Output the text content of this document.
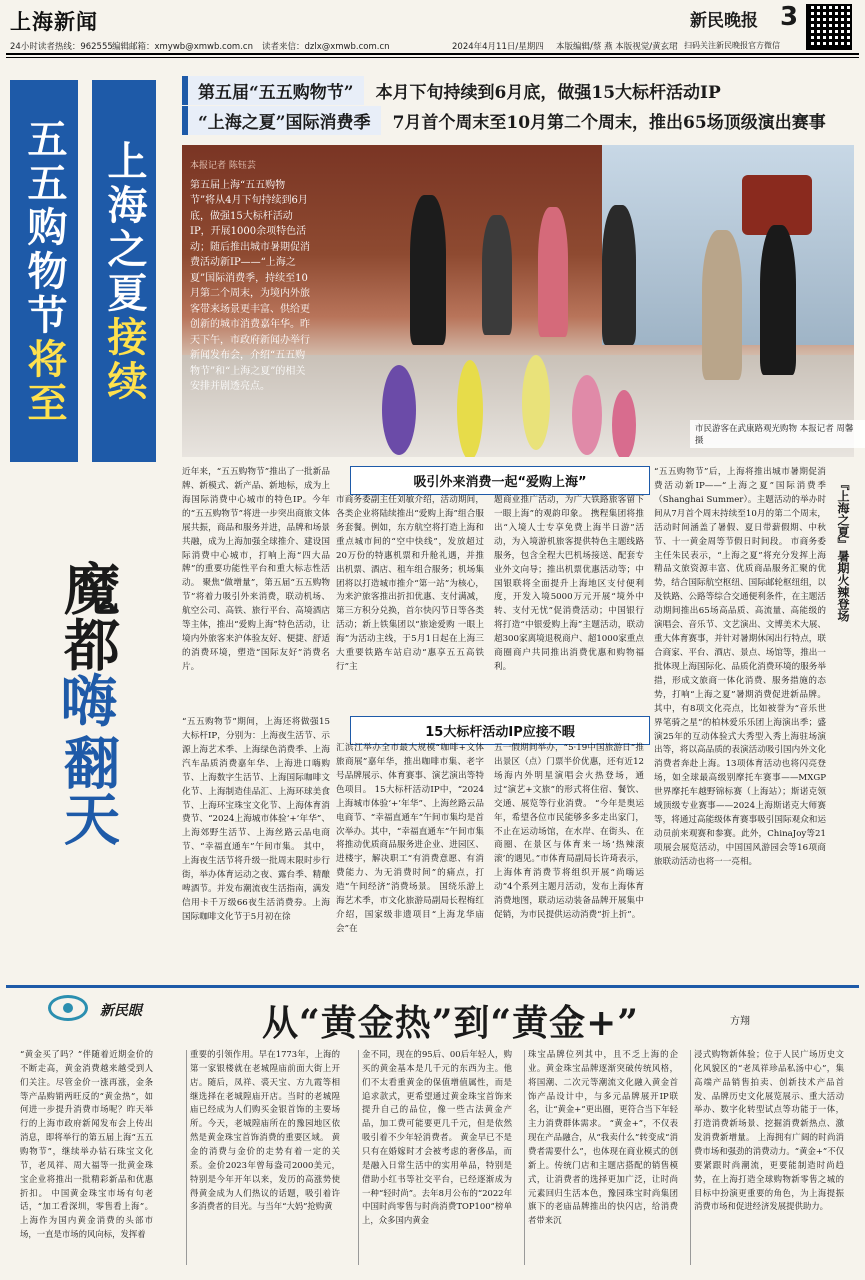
上海新闻
24小时读者热线：962555 编辑邮箱：xmywb@xmwb.com.cn 读者来信：dzlx@xmwb.com.cn	2024年4月11日/星期四 本版编辑/蔡 燕 本版视觉/黄玄珺 扫码关注新民晚报官方微信
新民晚报 3
五五购物节将至
上海之夏接续
第五届“五五购物节” 本月下旬持续到6月底，做强15大标杆活动IP
“上海之夏”国际消费季 7月首个周末至10月第二个周末，推出65场顶级演出赛事
本报记者 陈钰芸
第五届上海“五五购物节”将从4月下旬持续到6月底，做强15大标杆活动IP，开展1000余项特色活动；随后推出城市暑期促消费活动新IP——“上海之夏”国际消费季，持续至10月第二个周末，为境内外旅客带来场景更丰富、供给更创新的城市消费嘉年华。昨天下午，市政府新闻办举行新闻发布会，介绍“五五购物节”和“上海之夏”的相关安排并剧透亮点。
市民游客在武康路观光购物 本报记者 周馨 摄
魔都
嗨
翻天
近年来，“五五购物节”推出了一批新品牌、新模式、新产品、新地标，成为上海国际消费中心城市的特色IP。今年的“五五购物节”将进一步突出商旅文体展共振，商品和服务并进，品牌和场景共融，成为上海加强全球推介、建设国际消费中心城市，打响上海“四大品牌”的重要功能性平台和重大标志性活动。 聚焦“做增量”，第五届“五五购物节”将着力吸引外来消费，联动机场、航空公司、高铁、旅行平台、高境酒店等主体，推出“爱购上海”特色活动，让境内外旅客来沪体验友好、便捷、舒适的消费环境，塑造“国际友好”消费名片。
吸引外来消费一起“爱购上海”
市商务委副主任刘敏介绍，活动期间，各类企业将陆续推出“爱购上海”组合服务套餐。例如，东方航空将打造上海和重点城市间的“空中快线”，发放超过20万份的特惠机票和升舱礼遇，并推出机票、酒店、租车组合服务；机场集团将以打造城市推介“第一站”为核心，为来沪旅客推出折扣优惠、支付满减，第三方积分兑换，首尔快闪节日等各类活动；新上铁集团以“旅途爱购 一眼上海”为活动主线，于5月1日起在上海三大重要铁路车站启动“惠享五五高铁行”主
题商业推广活动，为广大铁路旅客留下一眼上海”的观韵印象。 携程集团将推出“入境人士专享免费上海半日游”活动，为入境游机旅客提供特色主题线路服务，包含全程大巴机场接送、配套专业外文向导；推出机票优惠活动等；中国银联将全面提升上海地区支付便利度，开发入境5000万元开展“境外中转、支付无忧”促消费活动；中国银行将打造“中银爱购上海”主题活动，联动超300家离境退税商户、超1000家重点商圈商户共同推出消费优惠和购物福利。
“五五购物节”后，上海将推出城市暑期促消费活动新IP——“上海之夏”国际消费季（Shanghai Summer）。主题活动的举办时间从7月首个周末持续至10月的第二个周末，活动时间涵盖了暑假、夏日带薪假期、中秋节、十一黄金周等节假日时间段。 市商务委主任朱民表示，“上海之夏”将充分发挥上海精品文旅资源丰富、优质商品服务汇聚的优势，结合国际航空枢纽、国际邮轮枢纽组，以及铁路、公路等综合交通便利条件，在主题活动期间推出65场高品质、高流量、高能级的演唱会、音乐节、文艺演出、文博美术大展、重大体育赛事，并针对暑期休闲出行特点，联合商家、平台、酒店、景点、场馆等，推出一批体现上海国际化、品质化消费环境的服务举措，形成文旅商一体化消费、服务措施的态势，打响“上海之夏”暑期消费促进新品牌。其中，有8项文化亮点，比如被誉为“音乐世界笔骑之星”的柏林爱乐乐团上海演出季；盛演25年的互动体验式大秀型入秀上海驻场演出等，将以高品质的表演活动吸引国内外文化消费者奔赴上海。13项体育活动也将闪亮登场，如全球最高级别摩托车赛事——MXGP世界摩托车越野锦标赛（上海站）；斯诺克领域顶级专业赛事——2024上海斯诺克大师赛等，将通过高能级体育赛事吸引国际观众和运动员前来观赛和参赛。此外，ChinaJoy等21项展会展览活动，中国国风游园会等16项商旅联动活动也将一一亮相。
『上海之夏』暑期火辣登场
“五五购物节”期间，上海还将做强15大标杆IP，分别为：上海夜生活节、示源上海艺术季、上海绿色消费季、上海汽车品质消费嘉年华、上海进口嗨购节、上海数字生活节、上海国际咖啡文化节、上海制造佳品汇、上海环球美食节、上海环宝珠宝文化节、上海体育消费节、“2024上海城市体验‘+’年华”、上海郊野生活节、上海丝路云品电商节、“幸福直通车”午间市集。 其中，上海夜生活节将升级一批周末限时步行街，举办体育运动之夜、露台季、精酿啤酒节。并发布潮流夜生活指南，满发信用卡千万级66夜生活消费券。上海国际咖啡文化节于5月初在徐
15大标杆活动IP应接不暇
汇滨江举办全市最大规模“咖啡+文体旅商展”嘉年华，推出咖啡市集、老字号品牌展示、体育赛事、演艺演出等特色项目。 15大标杆活动IP中，“2024上海城市体验‘+’年华”、上海丝路云品电商节、“幸福直通车”午间市集均是首次举办。其中，“幸福直通车”午间市集将推动优质商品服务进企业、进园区、进楼宇，解决职工“有消费意愿、有消费能力、为无消费时间”的痛点，打造“午间经济”消费场景。 国绕乐游上海艺术季，市文化旅游局副局长程梅红介绍，国家级非遗项目“上海龙华庙会”在
五一假期间举办，“5·19中国旅游日”推出景区（点）门票半价优惠，还有近12场海内外明星演唱会火热登场，通过“演艺+文旅”的形式将住宿、餐饮、交通、展览等行业消费。 “今年是奥运年，希望各位市民能够多多走出家门，不止在运动场馆，在水岸、在街头、在商圈、在景区与体育来一场‘热辣滚滚’的遇见。”市体育局副局长许琦表示，上海体育消费节将组织开展“尚嗨运动”4个系列主题月活动，发布上海体育消费地图，联动运动装备品牌开展集中促销，为市民提供运动消费“折上折”。
新民眼	从“黄金热”到“黄金+”	方翔
“黄金买了吗？”伴随着近期金价的不断走高，黄金消费越来越受到人们关注。尽管金价一涨再涨，金条等产品购销两旺反的“黄金热”，如何进一步提升消费市场呢？昨天举行的上海市政府新闻发布会上传出消息，即将举行的第五届上海“五五购物节”，继续举办钻石珠宝文化节，老凤祥、周大福等一批黄金珠宝企业将推出一批精彩新品和优惠折扣。 中国黄金珠宝市场有句老话，“加工看深圳，零售看上海”。上海作为国内黄金消费的头部市场，一直是市场的风向标，发挥着
重要的引领作用。早在1773年，上海的第一家银楼就在老城隍庙前面大街上开店。随后，凤祥、裘天宝、方九霞等相继选择在老城隍庙开店。当时的老城隍庙已经成为人们购买金银首饰的主要场所。今天，老城隍庙所在的豫园地区依然是黄金珠宝首饰消费的重要区域。 黄金的消费与金价的走势有着一定的关系。金价2023年曾每盎司2000美元，特别是今年开年以来，发历的高涨势使得黄金成为人们热议的话题，吸引着许多消费者的目光。与当年“大妈”抢购黄
金不同，现在的95后、00后年轻人，购买的黄金基本是几千元的东西为主。他们不太看重黄金的保值增值属性，而是追求款式，更希望通过黄金珠宝首饰来提升自己的品位，像一些古法黄金产品，加工费可能要更几千元，但是依然吸引着不少年轻消费者。 黄金早已不是只有在婚嫁时才会被考虑的奢侈品，而是融入日常生活中的实用单品，特别是借助小红书等社交平台，已经逐渐成为一种“轻时尚”。去年8月公布的“2022年中国时尚零售与时尚消费TOP100”榜单上，众多国内黄金
珠宝品牌位列其中，且不乏上海的企业。黄金珠宝品牌逐渐突破传统风格，将国潮、二次元等潮流文化融入黄金首饰产品设计中，与多元品牌展开IP联名，让“黄金+”更出圈，更符合当下年轻主力消费群体需求。 “黄金+”，不仅表现在产品融合，从“我卖什么”转变成“消费者需要什么”，也体现在商业模式的创新上。传统门店和主题店搭配的销售模式，让消费者的选择更加广泛，让时尚元素回归生活本色，豫园珠宝时尚集团旗下的老庙品牌推出的快闪店，给消费者带来沉
浸式购物新体验；位于人民广场历史文化风貌区的“老凤祥珍品私汤中心”，集高端产品销售拍卖、创新技术产品首发、品牌历史文化展览展示、重大活动举办、数字化转型试点等功能于一体，打造消费新场景、挖掘消费新热点、激发消费新增量。 上海拥有广阔的时尚消费市场和强劲的消费动力。“黄金+”不仅要紧跟时尚潮流，更要能制造时尚趋势，在上海打造全球购物新零售之城的目标中扮演更重要的角色，为上海提振消费市场和促进经济发展提供助力。
